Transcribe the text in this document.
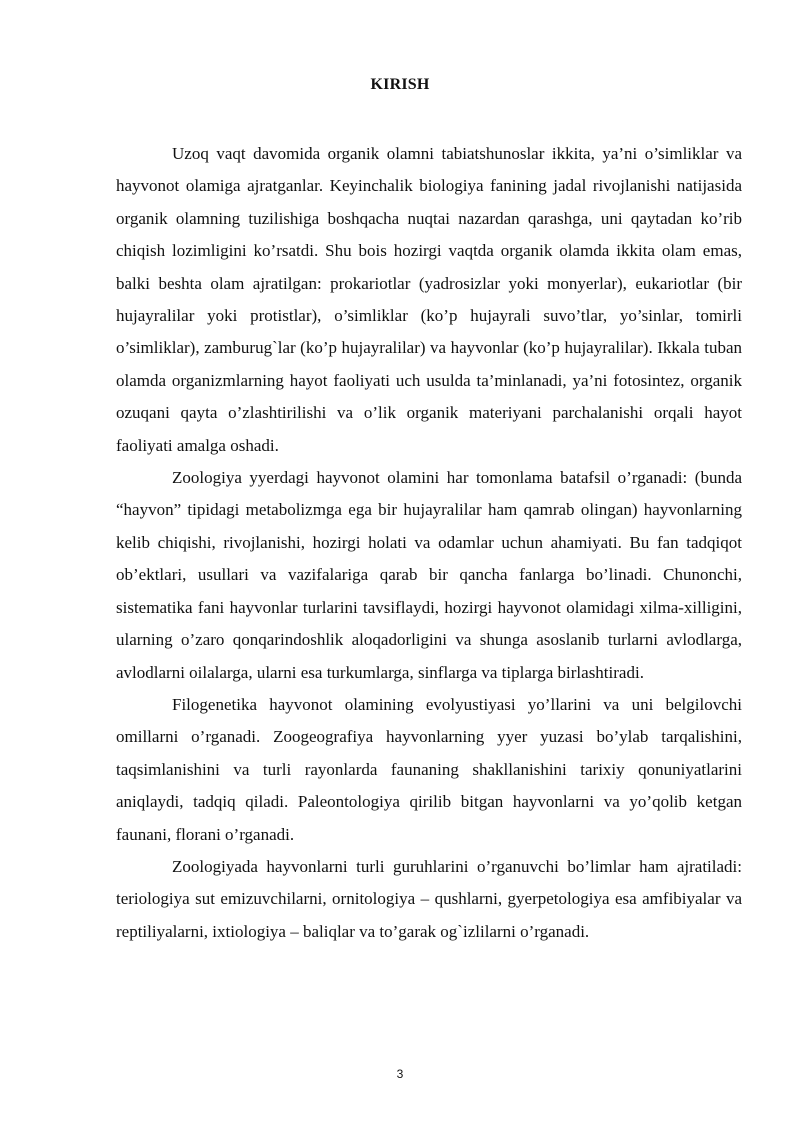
KIRISH

Uzoq vaqt davomida organik olamni tabiatshunoslar ikkita, ya’ni o’simliklar va hayvonot olamiga ajratganlar. Keyinchalik biologiya fanining jadal rivojlanishi natijasida organik olamning tuzilishiga boshqacha nuqtai nazardan qarashga, uni qaytadan ko’rib chiqish lozimligini ko’rsatdi. Shu bois hozirgi vaqtda organik olamda ikkita olam emas, balki beshta olam ajratilgan: prokariotlar (yadrosizlar yoki monyerlar), eukariotlar (bir hujayralilar yoki protistlar), o’simliklar (ko’p hujayrali suvo’tlar, yo’sinlar, tomirli o’simliklar), zamburug`lar (ko’p hujayralilar) va hayvonlar (ko’p hujayralilar). Ikkala tuban olamda organizmlarning hayot faoliyati uch usulda ta’minlanadi, ya’ni fotosintez, organik ozuqani qayta o’zlashtirilishi va o’lik organik materiyani parchalanishi orqali hayot faoliyati amalga oshadi.

Zoologiya yyerdagi hayvonot olamini har tomonlama batafsil o’rganadi: (bunda “hayvon” tipidagi metabolizmga ega bir hujayralilar ham qamrab olingan) hayvonlarning kelib chiqishi, rivojlanishi, hozirgi holati va odamlar uchun ahamiyati. Bu fan tadqiqot ob’ektlari, usullari va vazifalariga qarab bir qancha fanlarga bo’linadi. Chunonchi, sistematika fani hayvonlar turlarini tavsiflaydi, hozirgi hayvonot olamidagi xilma-xilligini, ularning o’zaro qonqarindoshlik aloqadorligini va shunga asoslanib turlarni avlodlarga, avlodlarni oilalarga, ularni esa turkumlarga, sinflarga va tiplarga birlashtiradi.

Filogenetika hayvonot olamining evolyustiyasi yo’llarini va uni belgilovchi omillarni o’rganadi. Zoogeografiya hayvonlarning yyer yuzasi bo’ylab tarqalishini, taqsimlanishini va turli rayonlarda faunaning shakllanishini tarixiy qonuniyatlarini aniqlaydi, tadqiq qiladi. Paleontologiya qirilib bitgan hayvonlarni va yo’qolib ketgan faunani, florani o’rganadi.

Zoologiyada hayvonlarni turli guruhlarini o’rganuvchi bo’limlar ham ajratiladi: teriologiya sut emizuvchilarni, ornitologiya – qushlarni, gyerpetologiya esa amfibiyalar va reptiliyalarni, ixtiologiya – baliqlar va to’garak og`izlilarni o’rganadi.

3
